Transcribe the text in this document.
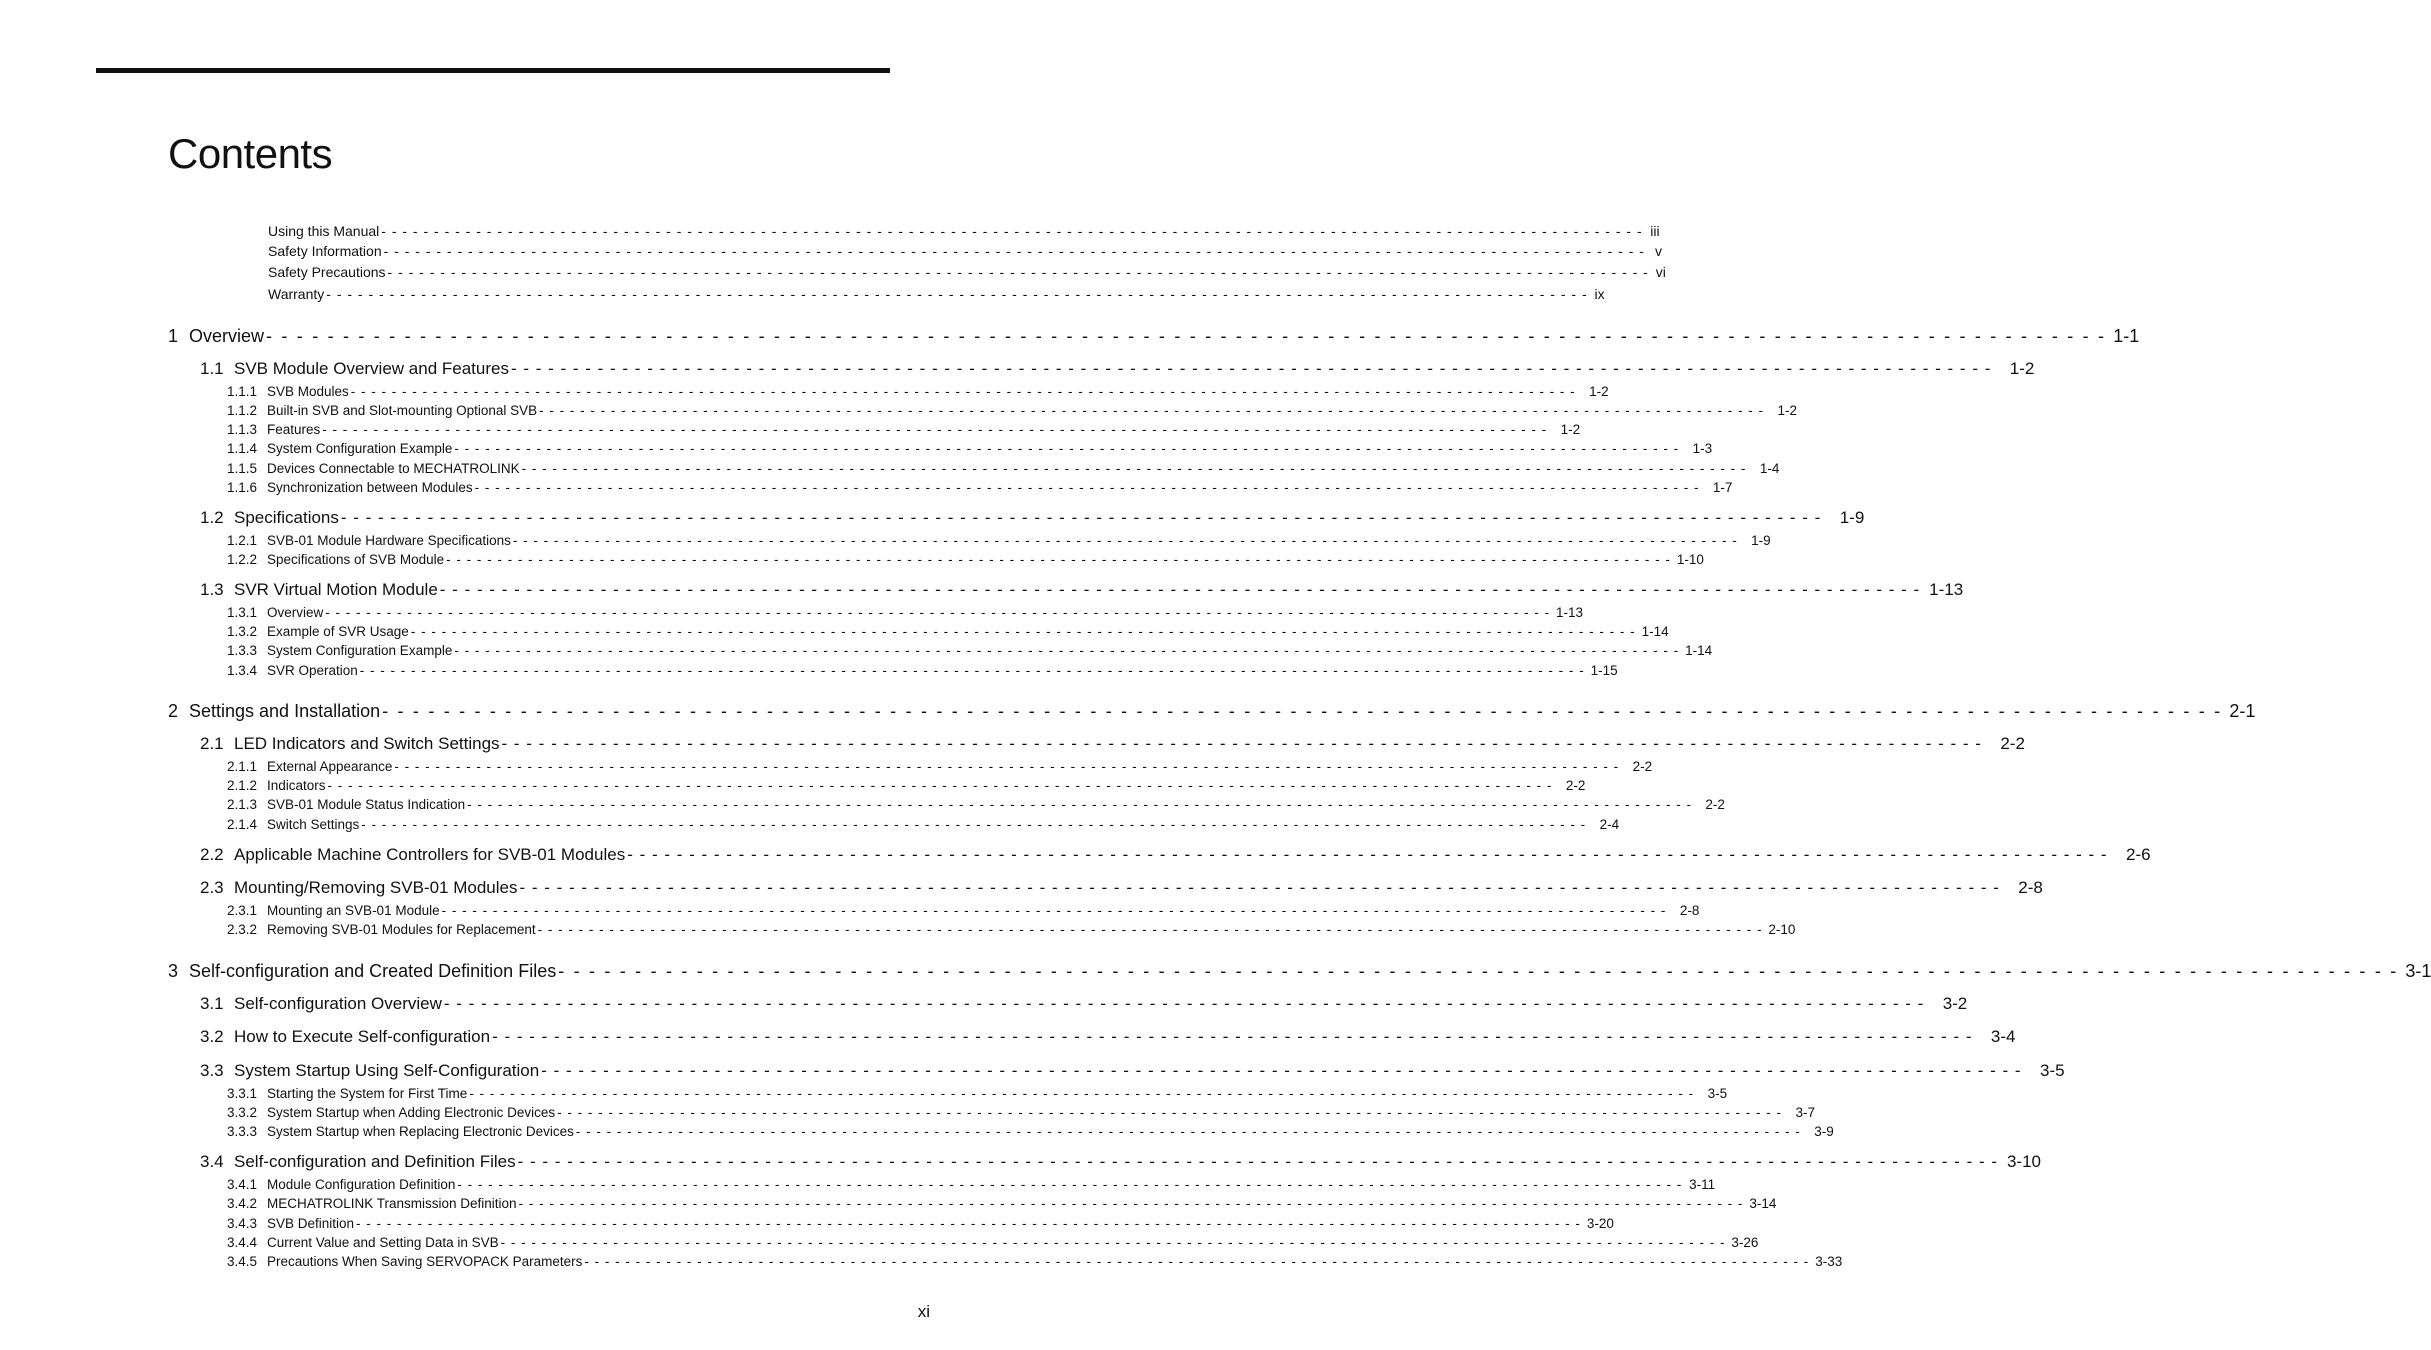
Contents
Using this Manual - - - - - - - - - - - - - - - - - - - - - - - - - - - - - - - - - - - - - - - - - - - - - - - - - - - - - - - - - - - - - - - - - - - - - - - - - - - - - - - - - - - - - - - - - - - - - - - - - - - - - - - - - - - - - - - - - - - - - - - - iii
Safety Information - - - - - - - - - - - - - - - - - - - - - - - - - - - - - - - - - - - - - - - - - - - - - - - - - - - - - - - - - - - - - - - - - - - - - - - - - - - - - - - - - - - - - - - - - - - - - - - - - - - - - - - - - - - - - - - - - - - - - - - - v
Safety Precautions - - - - - - - - - - - - - - - - - - - - - - - - - - - - - - - - - - - - - - - - - - - - - - - - - - - - - - - - - - - - - - - - - - - - - - - - - - - - - - - - - - - - - - - - - - - - - - - - - - - - - - - - - - - - - - - - - - - - - - - - vi
Warranty - - - - - - - - - - - - - - - - - - - - - - - - - - - - - - - - - - - - - - - - - - - - - - - - - - - - - - - - - - - - - - - - - - - - - - - - - - - - - - - - - - - - - - - - - - - - - - - - - - - - - - - - - - - - - - - - - - - - - - - - ix
1 Overview - - - - - - - - - - - - - - - - - - - - - - - - - - - - - - - - - - - - - - - - - - - - - - - - - - - - - - - - - - - - - - - - - - - - - - - - - - - - - - - - - - - - - - - - - - - - - - - - - - - - - - - - - - - - - - - - - - - - - - - - 1-1
1.1 SVB Module Overview and Features - - - - - - - - - - - - - - - - - - - - - - - - - - - - - - - - - - - - - - - - - - - - - - - - - - - - - - - - - - - - - - - - - - - - - - - - - - - - - - - - - - - - - - - - - - - - - - - - - - - - - - - - - - - - - - - - - - - - - - - -	1-2
1.1.1 SVB Modules - - - - - - - - - - - - - - - - - - - - - - - - - - - - - - - - - - - - - - - - - - - - - - - - - - - - - - - - - - - - - - - - - - - - - - - - - - - - - - - - - - - - - - - - - - - - - - - - - - - - - - - - - - - - - - - - - - - - - - - - 1-2
1.1.2 Built-in SVB and Slot-mounting Optional SVB - - - - - - - - - - - - - - - - - - - - - - - - - - - - - - - - - - - - - - - - - - - - - - - - - - - - - - - - - - - - - - - - - - - - - - - - - - - - - - - - - - - - - - - - - - - - - - - - - - - - - - - - - - - - - - - - - - - - - - - - 1-2
1.1.3 Features - - - - - - - - - - - - - - - - - - - - - - - - - - - - - - - - - - - - - - - - - - - - - - - - - - - - - - - - - - - - - - - - - - - - - - - - - - - - - - - - - - - - - - - - - - - - - - - - - - - - - - - - - - - - - - - - - - - - - - - - 1-2
1.1.4 System Configuration Example - - - - - - - - - - - - - - - - - - - - - - - - - - - - - - - - - - - - - - - - - - - - - - - - - - - - - - - - - - - - - - - - - - - - - - - - - - - - - - - - - - - - - - - - - - - - - - - - - - - - - - - - - - - - - - - - - - - - - - - - 1-3
1.1.5 Devices Connectable to MECHATROLINK - - - - - - - - - - - - - - - - - - - - - - - - - - - - - - - - - - - - - - - - - - - - - - - - - - - - - - - - - - - - - - - - - - - - - - - - - - - - - - - - - - - - - - - - - - - - - - - - - - - - - - - - - - - - - - - - - - - - - - - - 1-4
1.1.6 Synchronization between Modules - - - - - - - - - - - - - - - - - - - - - - - - - - - - - - - - - - - - - - - - - - - - - - - - - - - - - - - - - - - - - - - - - - - - - - - - - - - - - - - - - - - - - - - - - - - - - - - - - - - - - - - - - - - - - - - - - - - - - - - - 1-7
1.2 Specifications - - - - - - - - - - - - - - - - - - - - - - - - - - - - - - - - - - - - - - - - - - - - - - - - - - - - - - - - - - - - - - - - - - - - - - - - - - - - - - - - - - - - - - - - - - - - - - - - - - - - - - - - - - - - - - - - - - - - - - - -	1-9
1.2.1 SVB-01 Module Hardware Specifications - - - - - - - - - - - - - - - - - - - - - - - - - - - - - - - - - - - - - - - - - - - - - - - - - - - - - - - - - - - - - - - - - - - - - - - - - - - - - - - - - - - - - - - - - - - - - - - - - - - - - - - - - - - - - - - - - - - - - - - - 1-9
1.2.2 Specifications of SVB Module - - - - - - - - - - - - - - - - - - - - - - - - - - - - - - - - - - - - - - - - - - - - - - - - - - - - - - - - - - - - - - - - - - - - - - - - - - - - - - - - - - - - - - - - - - - - - - - - - - - - - - - - - - - - - - - - - - - - - - - - 1-10
1.3 SVR Virtual Motion Module - - - - - - - - - - - - - - - - - - - - - - - - - - - - - - - - - - - - - - - - - - - - - - - - - - - - - - - - - - - - - - - - - - - - - - - - - - - - - - - - - - - - - - - - - - - - - - - - - - - - - - - - - - - - - - - - - - - - - - - - 1-13
1.3.1 Overview - - - - - - - - - - - - - - - - - - - - - - - - - - - - - - - - - - - - - - - - - - - - - - - - - - - - - - - - - - - - - - - - - - - - - - - - - - - - - - - - - - - - - - - - - - - - - - - - - - - - - - - - - - - - - - - - - - - - - - - - 1-13
1.3.2 Example of SVR Usage - - - - - - - - - - - - - - - - - - - - - - - - - - - - - - - - - - - - - - - - - - - - - - - - - - - - - - - - - - - - - - - - - - - - - - - - - - - - - - - - - - - - - - - - - - - - - - - - - - - - - - - - - - - - - - - - - - - - - - - - 1-14
1.3.3 System Configuration Example - - - - - - - - - - - - - - - - - - - - - - - - - - - - - - - - - - - - - - - - - - - - - - - - - - - - - - - - - - - - - - - - - - - - - - - - - - - - - - - - - - - - - - - - - - - - - - - - - - - - - - - - - - - - - - - - - - - - - - - - 1-14
1.3.4 SVR Operation - - - - - - - - - - - - - - - - - - - - - - - - - - - - - - - - - - - - - - - - - - - - - - - - - - - - - - - - - - - - - - - - - - - - - - - - - - - - - - - - - - - - - - - - - - - - - - - - - - - - - - - - - - - - - - - - - - - - - - - - 1-15
2 Settings and Installation - - - - - - - - - - - - - - - - - - - - - - - - - - - - - - - - - - - - - - - - - - - - - - - - - - - - - - - - - - - - - - - - - - - - - - - - - - - - - - - - - - - - - - - - - - - - - - - - - - - - - - - - - - - - - - - - - - - - - - - - 2-1
2.1 LED Indicators and Switch Settings - - - - - - - - - - - - - - - - - - - - - - - - - - - - - - - - - - - - - - - - - - - - - - - - - - - - - - - - - - - - - - - - - - - - - - - - - - - - - - - - - - - - - - - - - - - - - - - - - - - - - - - - - - - - - - - - - - - - - - - -	2-2
2.1.1 External Appearance - - - - - - - - - - - - - - - - - - - - - - - - - - - - - - - - - - - - - - - - - - - - - - - - - - - - - - - - - - - - - - - - - - - - - - - - - - - - - - - - - - - - - - - - - - - - - - - - - - - - - - - - - - - - - - - - - - - - - - - - 2-2
2.1.2 Indicators - - - - - - - - - - - - - - - - - - - - - - - - - - - - - - - - - - - - - - - - - - - - - - - - - - - - - - - - - - - - - - - - - - - - - - - - - - - - - - - - - - - - - - - - - - - - - - - - - - - - - - - - - - - - - - - - - - - - - - - - 2-2
2.1.3 SVB-01 Module Status Indication - - - - - - - - - - - - - - - - - - - - - - - - - - - - - - - - - - - - - - - - - - - - - - - - - - - - - - - - - - - - - - - - - - - - - - - - - - - - - - - - - - - - - - - - - - - - - - - - - - - - - - - - - - - - - - - - - - - - - - - - 2-2
2.1.4 Switch Settings - - - - - - - - - - - - - - - - - - - - - - - - - - - - - - - - - - - - - - - - - - - - - - - - - - - - - - - - - - - - - - - - - - - - - - - - - - - - - - - - - - - - - - - - - - - - - - - - - - - - - - - - - - - - - - - - - - - - - - - - 2-4
2.2 Applicable Machine Controllers for SVB-01 Modules - - - - - - - - - - - - - - - - - - - - - - - - - - - - - - - - - - - - - - - - - - - - - - - - - - - - - - - - - - - - - - - - - - - - - - - - - - - - - - - - - - - - - - - - - - - - - - - - - - - - - - - - - - - - - - - - - - - - - - - -	2-6
2.3 Mounting/Removing SVB-01 Modules - - - - - - - - - - - - - - - - - - - - - - - - - - - - - - - - - - - - - - - - - - - - - - - - - - - - - - - - - - - - - - - - - - - - - - - - - - - - - - - - - - - - - - - - - - - - - - - - - - - - - - - - - - - - - - - - - - - - - - - -	2-8
2.3.1 Mounting an SVB-01 Module - - - - - - - - - - - - - - - - - - - - - - - - - - - - - - - - - - - - - - - - - - - - - - - - - - - - - - - - - - - - - - - - - - - - - - - - - - - - - - - - - - - - - - - - - - - - - - - - - - - - - - - - - - - - - - - - - - - - - - - - 2-8
2.3.2 Removing SVB-01 Modules for Replacement - - - - - - - - - - - - - - - - - - - - - - - - - - - - - - - - - - - - - - - - - - - - - - - - - - - - - - - - - - - - - - - - - - - - - - - - - - - - - - - - - - - - - - - - - - - - - - - - - - - - - - - - - - - - - - - - - - - - - - - - 2-10
3 Self-configuration and Created Definition Files - - - - - - - - - - - - - - - - - - - - - - - - - - - - - - - - - - - - - - - - - - - - - - - - - - - - - - - - - - - - - - - - - - - - - - - - - - - - - - - - - - - - - - - - - - - - - - - - - - - - - - - - - - - - - - - - - - - - - - - - 3-1
3.1 Self-configuration Overview - - - - - - - - - - - - - - - - - - - - - - - - - - - - - - - - - - - - - - - - - - - - - - - - - - - - - - - - - - - - - - - - - - - - - - - - - - - - - - - - - - - - - - - - - - - - - - - - - - - - - - - - - - - - - - - - - - - - - - - -	3-2
3.2 How to Execute Self-configuration - - - - - - - - - - - - - - - - - - - - - - - - - - - - - - - - - - - - - - - - - - - - - - - - - - - - - - - - - - - - - - - - - - - - - - - - - - - - - - - - - - - - - - - - - - - - - - - - - - - - - - - - - - - - - - - - - - - - - - - -	3-4
3.3 System Startup Using Self-Configuration - - - - - - - - - - - - - - - - - - - - - - - - - - - - - - - - - - - - - - - - - - - - - - - - - - - - - - - - - - - - - - - - - - - - - - - - - - - - - - - - - - - - - - - - - - - - - - - - - - - - - - - - - - - - - - - - - - - - - - - -	3-5
3.3.1 Starting the System for First Time - - - - - - - - - - - - - - - - - - - - - - - - - - - - - - - - - - - - - - - - - - - - - - - - - - - - - - - - - - - - - - - - - - - - - - - - - - - - - - - - - - - - - - - - - - - - - - - - - - - - - - - - - - - - - - - - - - - - - - - - 3-5
3.3.2 System Startup when Adding Electronic Devices - - - - - - - - - - - - - - - - - - - - - - - - - - - - - - - - - - - - - - - - - - - - - - - - - - - - - - - - - - - - - - - - - - - - - - - - - - - - - - - - - - - - - - - - - - - - - - - - - - - - - - - - - - - - - - - - - - - - - - - - 3-7
3.3.3 System Startup when Replacing Electronic Devices - - - - - - - - - - - - - - - - - - - - - - - - - - - - - - - - - - - - - - - - - - - - - - - - - - - - - - - - - - - - - - - - - - - - - - - - - - - - - - - - - - - - - - - - - - - - - - - - - - - - - - - - - - - - - - - - - - - - - - - - 3-9
3.4 Self-configuration and Definition Files - - - - - - - - - - - - - - - - - - - - - - - - - - - - - - - - - - - - - - - - - - - - - - - - - - - - - - - - - - - - - - - - - - - - - - - - - - - - - - - - - - - - - - - - - - - - - - - - - - - - - - - - - - - - - - - - - - - - - - - - 3-10
3.4.1 Module Configuration Definition - - - - - - - - - - - - - - - - - - - - - - - - - - - - - - - - - - - - - - - - - - - - - - - - - - - - - - - - - - - - - - - - - - - - - - - - - - - - - - - - - - - - - - - - - - - - - - - - - - - - - - - - - - - - - - - - - - - - - - - - 3-11
3.4.2 MECHATROLINK Transmission Definition - - - - - - - - - - - - - - - - - - - - - - - - - - - - - - - - - - - - - - - - - - - - - - - - - - - - - - - - - - - - - - - - - - - - - - - - - - - - - - - - - - - - - - - - - - - - - - - - - - - - - - - - - - - - - - - - - - - - - - - - 3-14
3.4.3 SVB Definition - - - - - - - - - - - - - - - - - - - - - - - - - - - - - - - - - - - - - - - - - - - - - - - - - - - - - - - - - - - - - - - - - - - - - - - - - - - - - - - - - - - - - - - - - - - - - - - - - - - - - - - - - - - - - - - - - - - - - - - - 3-20
3.4.4 Current Value and Setting Data in SVB - - - - - - - - - - - - - - - - - - - - - - - - - - - - - - - - - - - - - - - - - - - - - - - - - - - - - - - - - - - - - - - - - - - - - - - - - - - - - - - - - - - - - - - - - - - - - - - - - - - - - - - - - - - - - - - - - - - - - - - - 3-26
3.4.5 Precautions When Saving SERVOPACK Parameters - - - - - - - - - - - - - - - - - - - - - - - - - - - - - - - - - - - - - - - - - - - - - - - - - - - - - - - - - - - - - - - - - - - - - - - - - - - - - - - - - - - - - - - - - - - - - - - - - - - - - - - - - - - - - - - - - - - - - - - - 3-33
xi
